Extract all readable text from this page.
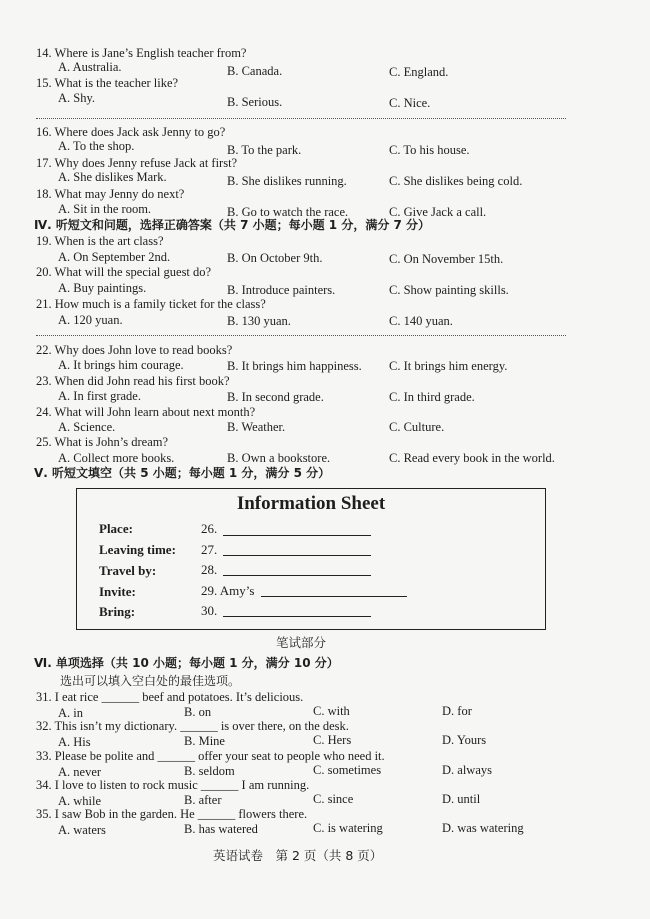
14. Where is Jane’s English teacher from?
A. Australia.	B. Canada.	C. England.
15. What is the teacher like?
A. Shy.	B. Serious.	C. Nice.
16. Where does Jack ask Jenny to go?
A. To the shop.	B. To the park.	C. To his house.
17. Why does Jenny refuse Jack at first?
A. She dislikes Mark.	B. She dislikes running.	C. She dislikes being cold.
18. What may Jenny do next?
A. Sit in the room.	B. Go to watch the race.	C. Give Jack a call.
Ⅳ. 听短文和问题，选择正确答案（共 7 小题；每小题 1 分，满分 7 分）
19. When is the art class?
A. On September 2nd.	B. On October 9th.	C. On November 15th.
20. What will the special guest do?
A. Buy paintings.	B. Introduce painters.	C. Show painting skills.
21. How much is a family ticket for the class?
A. 120 yuan.	B. 130 yuan.	C. 140 yuan.
22. Why does John love to read books?
A. It brings him courage.	B. It brings him happiness. C. It brings him energy.
23. When did John read his first book?
A. In first grade.	B. In second grade.	C. In third grade.
24. What will John learn about next month?
A. Science.	B. Weather.	C. Culture.
25. What is John’s dream?
A. Collect more books.	B. Own a bookstore.	C. Read every book in the world.
Ⅴ. 听短文填空（共 5 小题；每小题 1 分，满分 5 分）
Information Sheet
Place:	26.
Leaving time: 27.
Travel by:	28.
Invite:	29. Amy’s
Bring:	30.
笔试部分
Ⅵ. 单项选择（共 10 小题；每小题 1 分，满分 10 分）
选出可以填入空白处的最佳选项。
31. I eat rice ______ beef and potatoes. It’s delicious.
A. in	B. on	C. with	D. for
32. This isn’t my dictionary. ______ is over there, on the desk.
A. His	B. Mine	C. Hers	D. Yours
33. Please be polite and ______ offer your seat to people who need it.
A. never	B. seldom	C. sometimes	D. always
34. I love to listen to rock music ______ I am running.
A. while	B. after	C. since	D. until
35. I saw Bob in the garden. He ______ flowers there.
A. waters	B. has watered	C. is watering	D. was watering
英语试卷　第 2 页（共 8 页）
